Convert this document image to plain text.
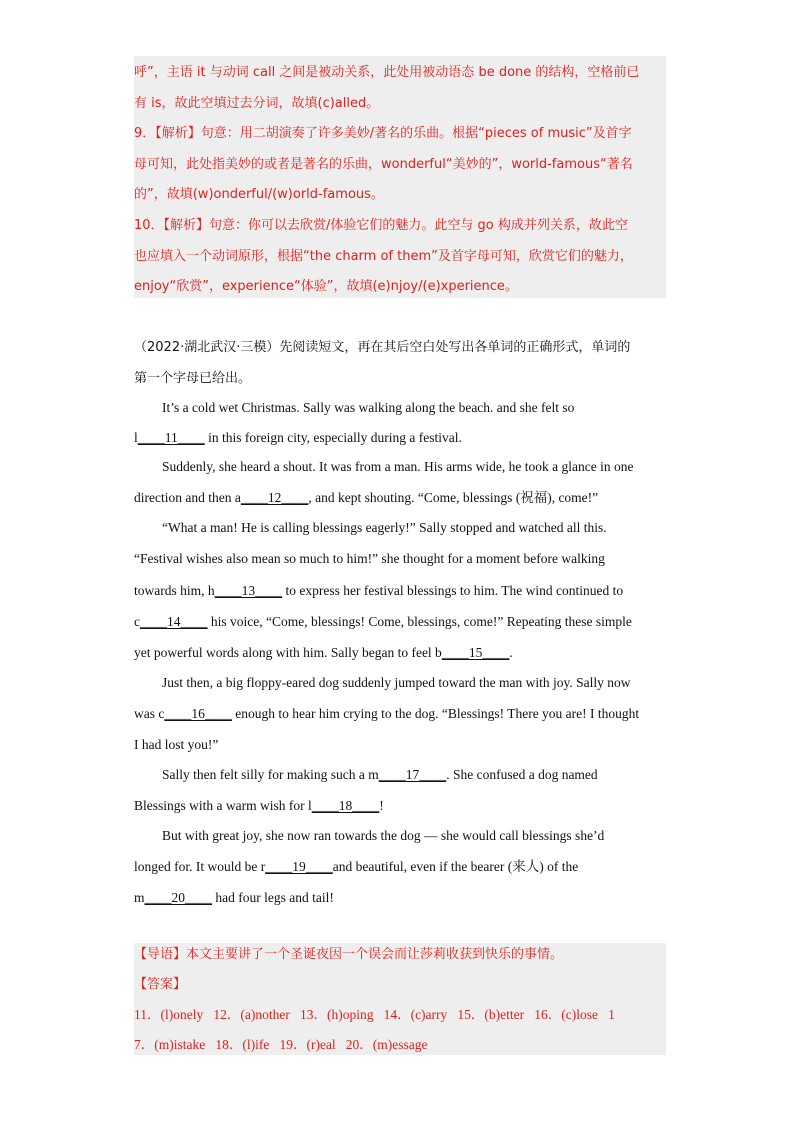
呼”，主语 it 与动词 call 之间是被动关系，此处用被动语态 be done 的结构，空格前已
有 is，故此空填过去分词，故填(c)alled。
9．【解析】句意：用二胡演奏了许多美妙/著名的乐曲。根据“pieces of music”及首字
母可知，此处指美妙的或者是著名的乐曲，wonderful“美妙的”，world-famous“著名
的”，故填(w)onderful/(w)orld-famous。
10．【解析】句意：你可以去欣赏/体验它们的魅力。此空与 go 构成并列关系，故此空
也应填入一个动词原形，根据“the charm of them”及首字母可知，欣赏它们的魅力，
enjoy“欣赏”，experience“体验”，故填(e)njoy/(e)xperience。
（2022·湖北武汉·三模）先阅读短文，再在其后空白处写出各单词的正确形式，单词的
第一个字母已给出。
It’s a cold wet Christmas. Sally was walking along the beach. and she felt so
l____11____ in this foreign city, especially during a festival.
Suddenly, she heard a shout. It was from a man. His arms wide, he took a glance in one
direction and then a____12____, and kept shouting. “Come, blessings (祝福), come!”
“What a man! He is calling blessings eagerly!” Sally stopped and watched all this.
“Festival wishes also mean so much to him!” she thought for a moment before walking
towards him, h____13____ to express her festival blessings to him. The wind continued to
c____14____ his voice, “Come, blessings! Come, blessings, come!” Repeating these simple
yet powerful words along with him. Sally began to feel b____15____.
Just then, a big floppy-eared dog suddenly jumped toward the man with joy. Sally now
was c____16____ enough to hear him crying to the dog. “Blessings! There you are! I thought
I had lost you!”
Sally then felt silly for making such a m____17____. She confused a dog named
Blessings with a warm wish for l____18____!
But with great joy, she now ran towards the dog — she would call blessings she’d
longed for. It would be r____19____and beautiful, even if the bearer (来人) of the
m____20____ had four legs and tail!
【导语】本文主要讲了一个圣诞夜因一个误会而让莎莉收获到快乐的事情。
【答案】
11．(l)onely   12．(a)nother   13．(h)oping   14．(c)arry   15．(b)etter   16．(c)lose   1
7．(m)istake   18．(l)ife   19．(r)eal   20．(m)essage
